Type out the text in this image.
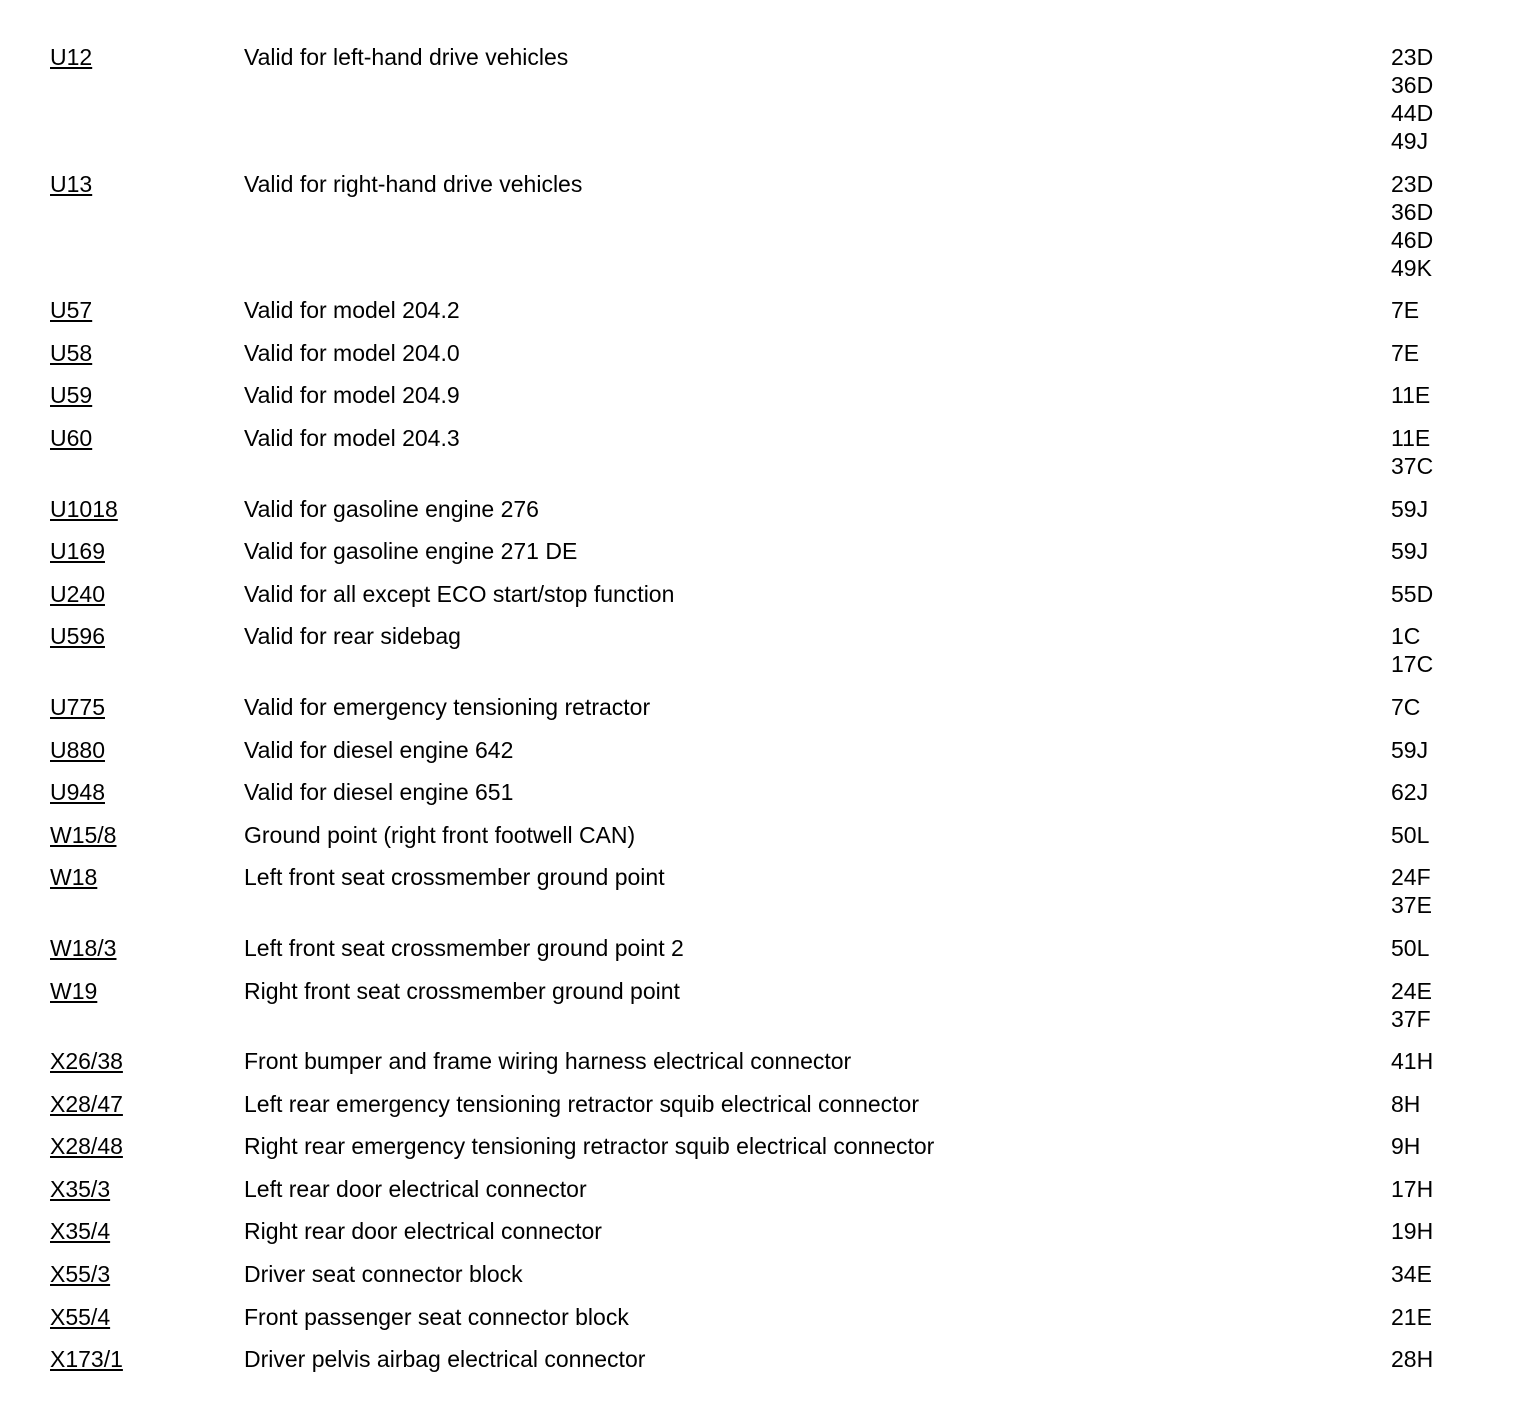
U12	Valid for left-hand drive vehicles	23D
36D
44D
49J
U13	Valid for right-hand drive vehicles	23D
36D
46D
49K
U57	Valid for model 204.2	7E
U58	Valid for model 204.0	7E
U59	Valid for model 204.9	11E
U60	Valid for model 204.3	11E
37C
U1018	Valid for gasoline engine 276	59J
U169	Valid for gasoline engine 271 DE	59J
U240	Valid for all except ECO start/stop function	55D
U596	Valid for rear sidebag	1C
17C
U775	Valid for emergency tensioning retractor	7C
U880	Valid for diesel engine 642	59J
U948	Valid for diesel engine 651	62J
W15/8	Ground point (right front footwell CAN)	50L
W18	Left front seat crossmember ground point	24F
37E
W18/3	Left front seat crossmember ground point 2	50L
W19	Right front seat crossmember ground point	24E
37F
X26/38	Front bumper and frame wiring harness electrical connector	41H
X28/47	Left rear emergency tensioning retractor squib electrical connector	8H
X28/48	Right rear emergency tensioning retractor squib electrical connector	9H
X35/3	Left rear door electrical connector	17H
X35/4	Right rear door electrical connector	19H
X55/3	Driver seat connector block	34E
X55/4	Front passenger seat connector block	21E
X173/1	Driver pelvis airbag electrical connector	28H
